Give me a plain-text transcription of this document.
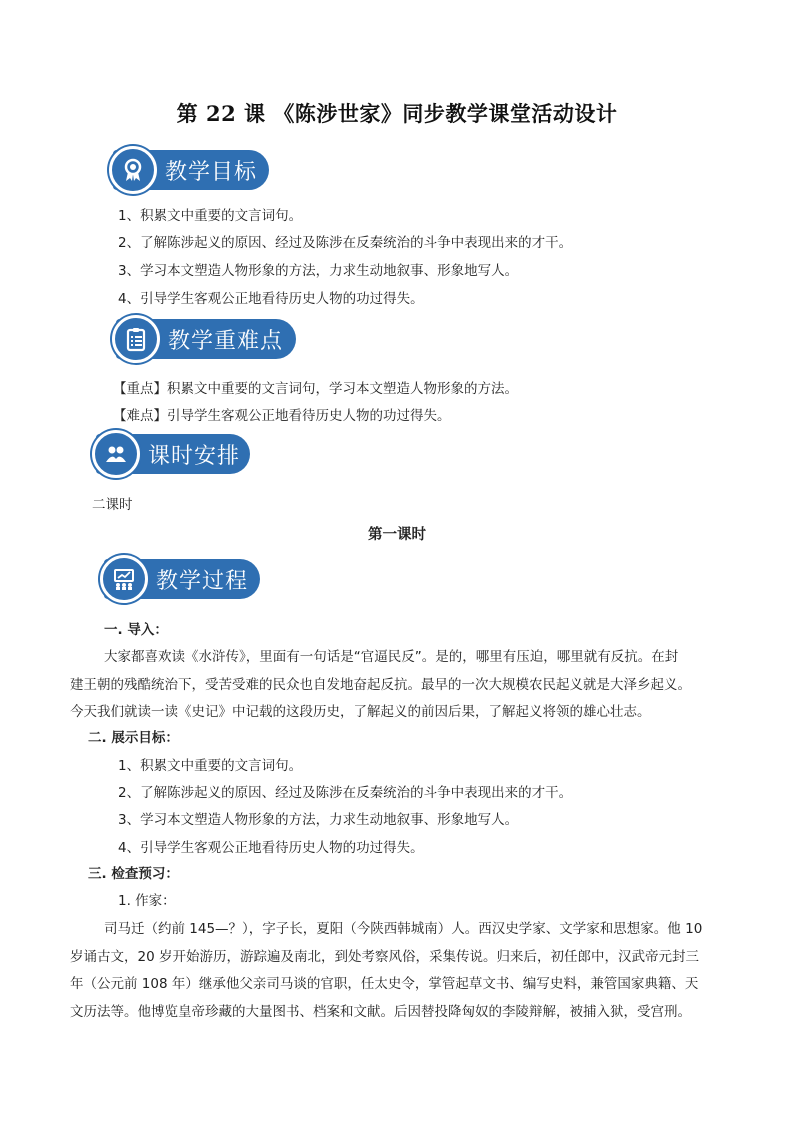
第 22 课 《陈涉世家》同步教学课堂活动设计
教学目标
1、积累文中重要的文言词句。
2、了解陈涉起义的原因、经过及陈涉在反秦统治的斗争中表现出来的才干。
3、学习本文塑造人物形象的方法，力求生动地叙事、形象地写人。
4、引导学生客观公正地看待历史人物的功过得失。
教学重难点
【重点】积累文中重要的文言词句，学习本文塑造人物形象的方法。
【难点】引导学生客观公正地看待历史人物的功过得失。
课时安排
二课时
第一课时
教学过程
一. 导入：
大家都喜欢读《水浒传》，里面有一句话是“官逼民反”。是的，哪里有压迫，哪里就有反抗。在封
建王朝的残酷统治下，受苦受难的民众也自发地奋起反抗。最早的一次大规模农民起义就是大泽乡起义。
今天我们就读一读《史记》中记载的这段历史，了解起义的前因后果，了解起义将领的雄心壮志。
二. 展示目标：
1、积累文中重要的文言词句。
2、了解陈涉起义的原因、经过及陈涉在反秦统治的斗争中表现出来的才干。
3、学习本文塑造人物形象的方法，力求生动地叙事、形象地写人。
4、引导学生客观公正地看待历史人物的功过得失。
三. 检查预习：
1. 作家：
司马迁（约前 145—？），字子长，夏阳（今陕西韩城南）人。西汉史学家、文学家和思想家。他 10
岁诵古文，20 岁开始游历，游踪遍及南北，到处考察风俗，采集传说。归来后，初任郎中，汉武帝元封三
年（公元前 108 年）继承他父亲司马谈的官职，任太史令，掌管起草文书、编写史料，兼管国家典籍、天
文历法等。他博览皇帝珍藏的大量图书、档案和文献。后因替投降匈奴的李陵辩解，被捕入狱，受宫刑。
